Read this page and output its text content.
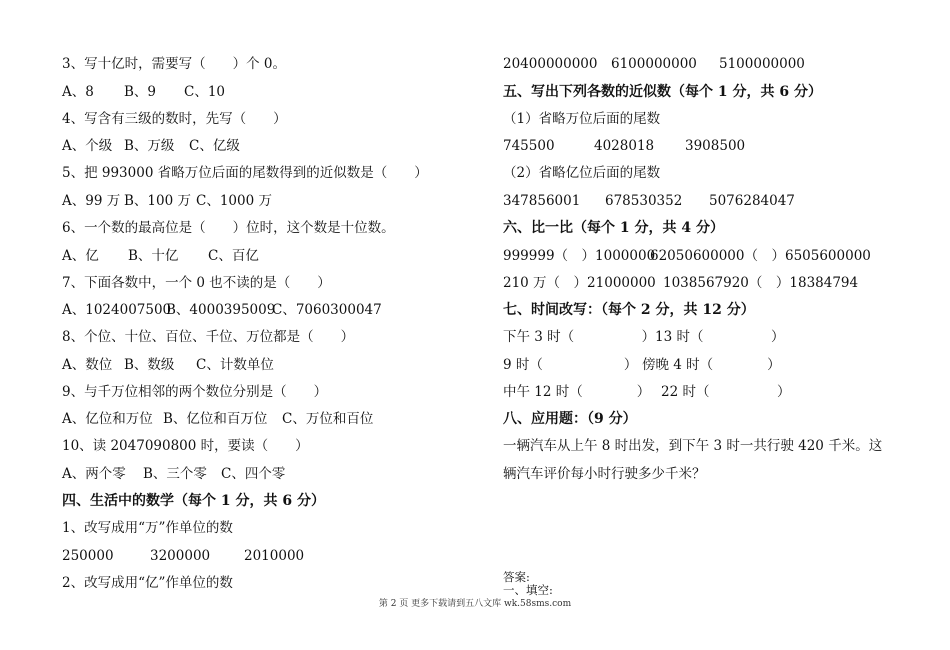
3、写十亿时，需要写（　　）个 0。
A、8	B、9	C、10
4、写含有三级的数时，先写（　　）
A、个级 B、万级	C、亿级
5、把 993000 省略万位后面的尾数得到的近似数是（　　）
A、99 万 B、100 万 C、1000 万
6、一个数的最高位是（　　）位时，这个数是十位数。
A、亿	B、十亿	C、百亿
7、下面各数中，一个 0 也不读的是（　　）
A、1024007500
B、4000395009
C、7060300047
8、个位、十位、百位、千位、万位都是（　　）
A、数位 B、数级	C、计数单位
9、与千万位相邻的两个数位分别是（　　）
A、亿位和万位 B、亿位和百万位	C、万位和百位
10、读 2047090800 时，要读（　　）
A、两个零	B、三个零	C、四个零
四、生活中的数学（每个 1 分，共 6 分）
1、改写成用“万”作单位的数
250000	3200000	2010000
2、改写成用“亿”作单位的数
20400000000	6100000000	5100000000
五、写出下列各数的近似数（每个 1 分，共 6 分）
（1）省略万位后面的尾数
745500	4028018	3908500
（2）省略亿位后面的尾数
347856001	678530352	5076284047
六、比一比（每个 1 分，共 4 分）
999999（　）1000000
62050600000（　）6505600000
210 万（　）21000000 1038567920（　）18384794
七、时间改写：（每个 2 分，共 12 分）
下午 3 时（　　　　　） 13 时（　　　　　）
9 时（　　　　　　） 傍晚 4 时（　　　　）
中午 12 时（　　　　） 22 时（　　　　　）
八、应用题：（9 分）
一辆汽车从上午 8 时出发，到下午 3 时一共行驶 420 千米。这
辆汽车评价每小时行驶多少千米？
答案:
一、填空:
第 2 页 更多下载请到五八文库 wk.58sms.com
